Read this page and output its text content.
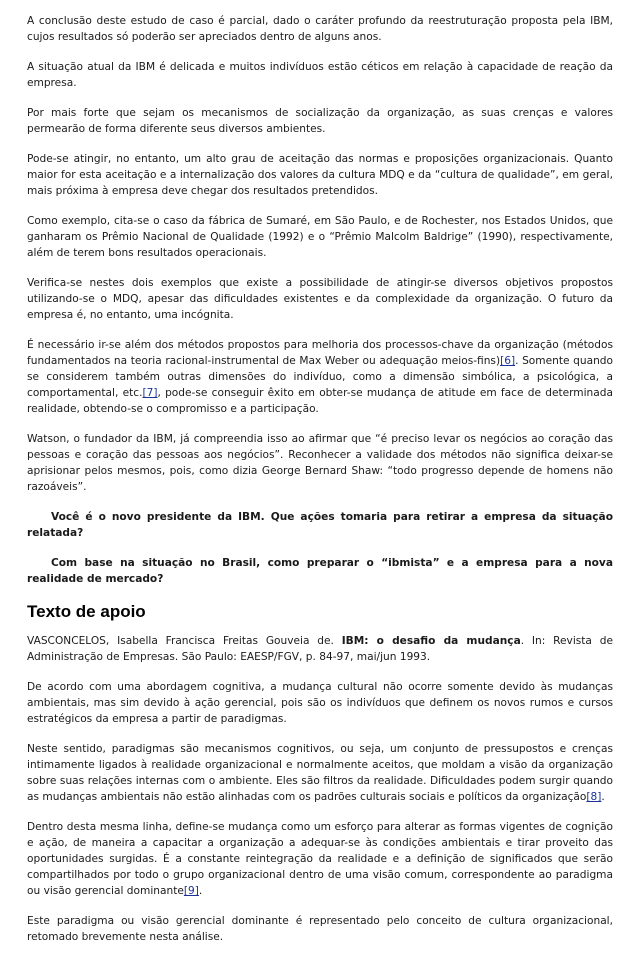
A conclusão deste estudo de caso é parcial, dado o caráter profundo da reestruturação proposta pela IBM, cujos resultados só poderão ser apreciados dentro de alguns anos.

A situação atual da IBM é delicada e muitos indivíduos estão céticos em relação à capacidade de reação da empresa.

Por mais forte que sejam os mecanismos de socialização da organização, as suas crenças e valores permearão de forma diferente seus diversos ambientes.

Pode-se atingir, no entanto, um alto grau de aceitação das normas e proposições organizacionais. Quanto maior for esta aceitação e a internalização dos valores da cultura MDQ e da “cultura de qualidade”, em geral, mais próxima à empresa deve chegar dos resultados pretendidos.

Como exemplo, cita-se o caso da fábrica de Sumaré, em São Paulo, e de Rochester, nos Estados Unidos, que ganharam os Prêmio Nacional de Qualidade (1992) e o “Prêmio Malcolm Baldrige” (1990), respectivamente, além de terem bons resultados operacionais.

Verifica-se nestes dois exemplos que existe a possibilidade de atingir-se diversos objetivos propostos utilizando-se o MDQ, apesar das dificuldades existentes e da complexidade da organização. O futuro da empresa é, no entanto, uma incógnita.

É necessário ir-se além dos métodos propostos para melhoria dos processos-chave da organização (métodos fundamentados na teoria racional-instrumental de Max Weber ou adequação meios-fins)[6]. Somente quando se considerem também outras dimensões do indivíduo, como a dimensão simbólica, a psicológica, a comportamental, etc.[7], pode-se conseguir êxito em obter-se mudança de atitude em face de determinada realidade, obtendo-se o compromisso e a participação.

Watson, o fundador da IBM, já compreendia isso ao afirmar que “é preciso levar os negócios ao coração das pessoas e coração das pessoas aos negócios”. Reconhecer a validade dos métodos não significa deixar-se aprisionar pelos mesmos, pois, como dizia George Bernard Shaw: “todo progresso depende de homens não razoáveis”.

Você é o novo presidente da IBM. Que ações tomaria para retirar a empresa da situação relatada?

Com base na situação no Brasil, como preparar o “ibmista” e a empresa para a nova realidade de mercado?

Texto de apoio

VASCONCELOS, Isabella Francisca Freitas Gouveia de. IBM: o desafio da mudança. In: Revista de Administração de Empresas. São Paulo: EAESP/FGV, p. 84-97, mai/jun 1993.

De acordo com uma abordagem cognitiva, a mudança cultural não ocorre somente devido às mudanças ambientais, mas sim devido à ação gerencial, pois são os indivíduos que definem os novos rumos e cursos estratégicos da empresa a partir de paradigmas.

Neste sentido, paradigmas são mecanismos cognitivos, ou seja, um conjunto de pressupostos e crenças intimamente ligados à realidade organizacional e normalmente aceitos, que moldam a visão da organização sobre suas relações internas com o ambiente. Eles são filtros da realidade. Dificuldades podem surgir quando as mudanças ambientais não estão alinhadas com os padrões culturais sociais e políticos da organização[8].

Dentro desta mesma linha, define-se mudança como um esforço para alterar as formas vigentes de cognição e ação, de maneira a capacitar a organização a adequar-se às condições ambientais e tirar proveito das oportunidades surgidas. É a constante reintegração da realidade e a definição de significados que serão compartilhados por todo o grupo organizacional dentro de uma visão comum, correspondente ao paradigma ou visão gerencial dominante[9].

Este paradigma ou visão gerencial dominante é representado pelo conceito de cultura organizacional, retomado brevemente nesta análise.
